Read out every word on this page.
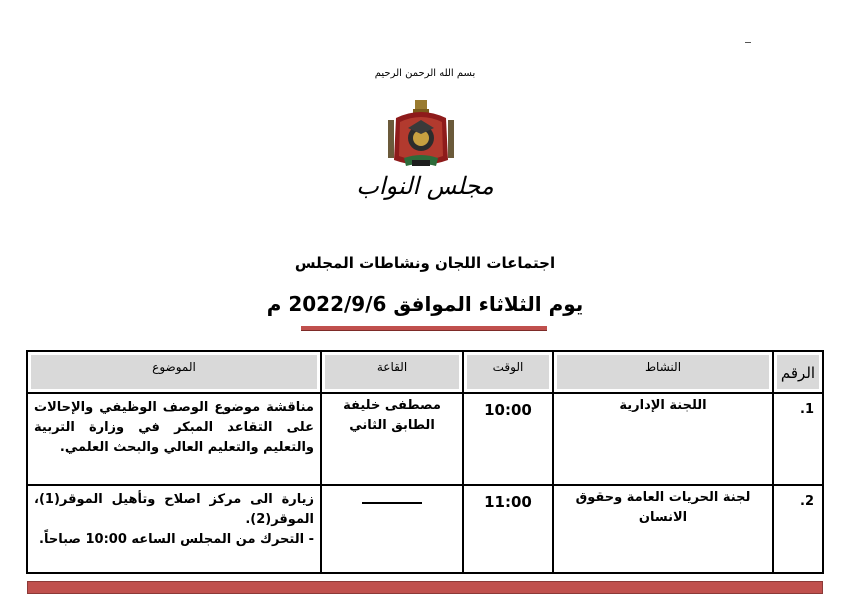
بسم الله الرحمن الرحيم
مجلس النواب
اجتماعات اللجان ونشاطات المجلس
يوم الثلاثاء الموافق 2022/9/6 م
الرقم
النشاط
الوقت
القاعة
الموضوع
1.
اللجنة الإدارية
10:00
مصطفى خليفة
الطابق الثاني
مناقشة موضوع الوصف الوظيفي والإحالات على التقاعد المبكر في وزارة التربية والتعليم والتعليم العالي والبحث العلمي.
2.
لجنة الحريات العامة وحقوق الانسان
11:00
زيارة الى مركز اصلاح وتأهيل الموقر(1)، الموقر(2).
- التحرك من المجلس الساعه 10:00 صباحاً.
